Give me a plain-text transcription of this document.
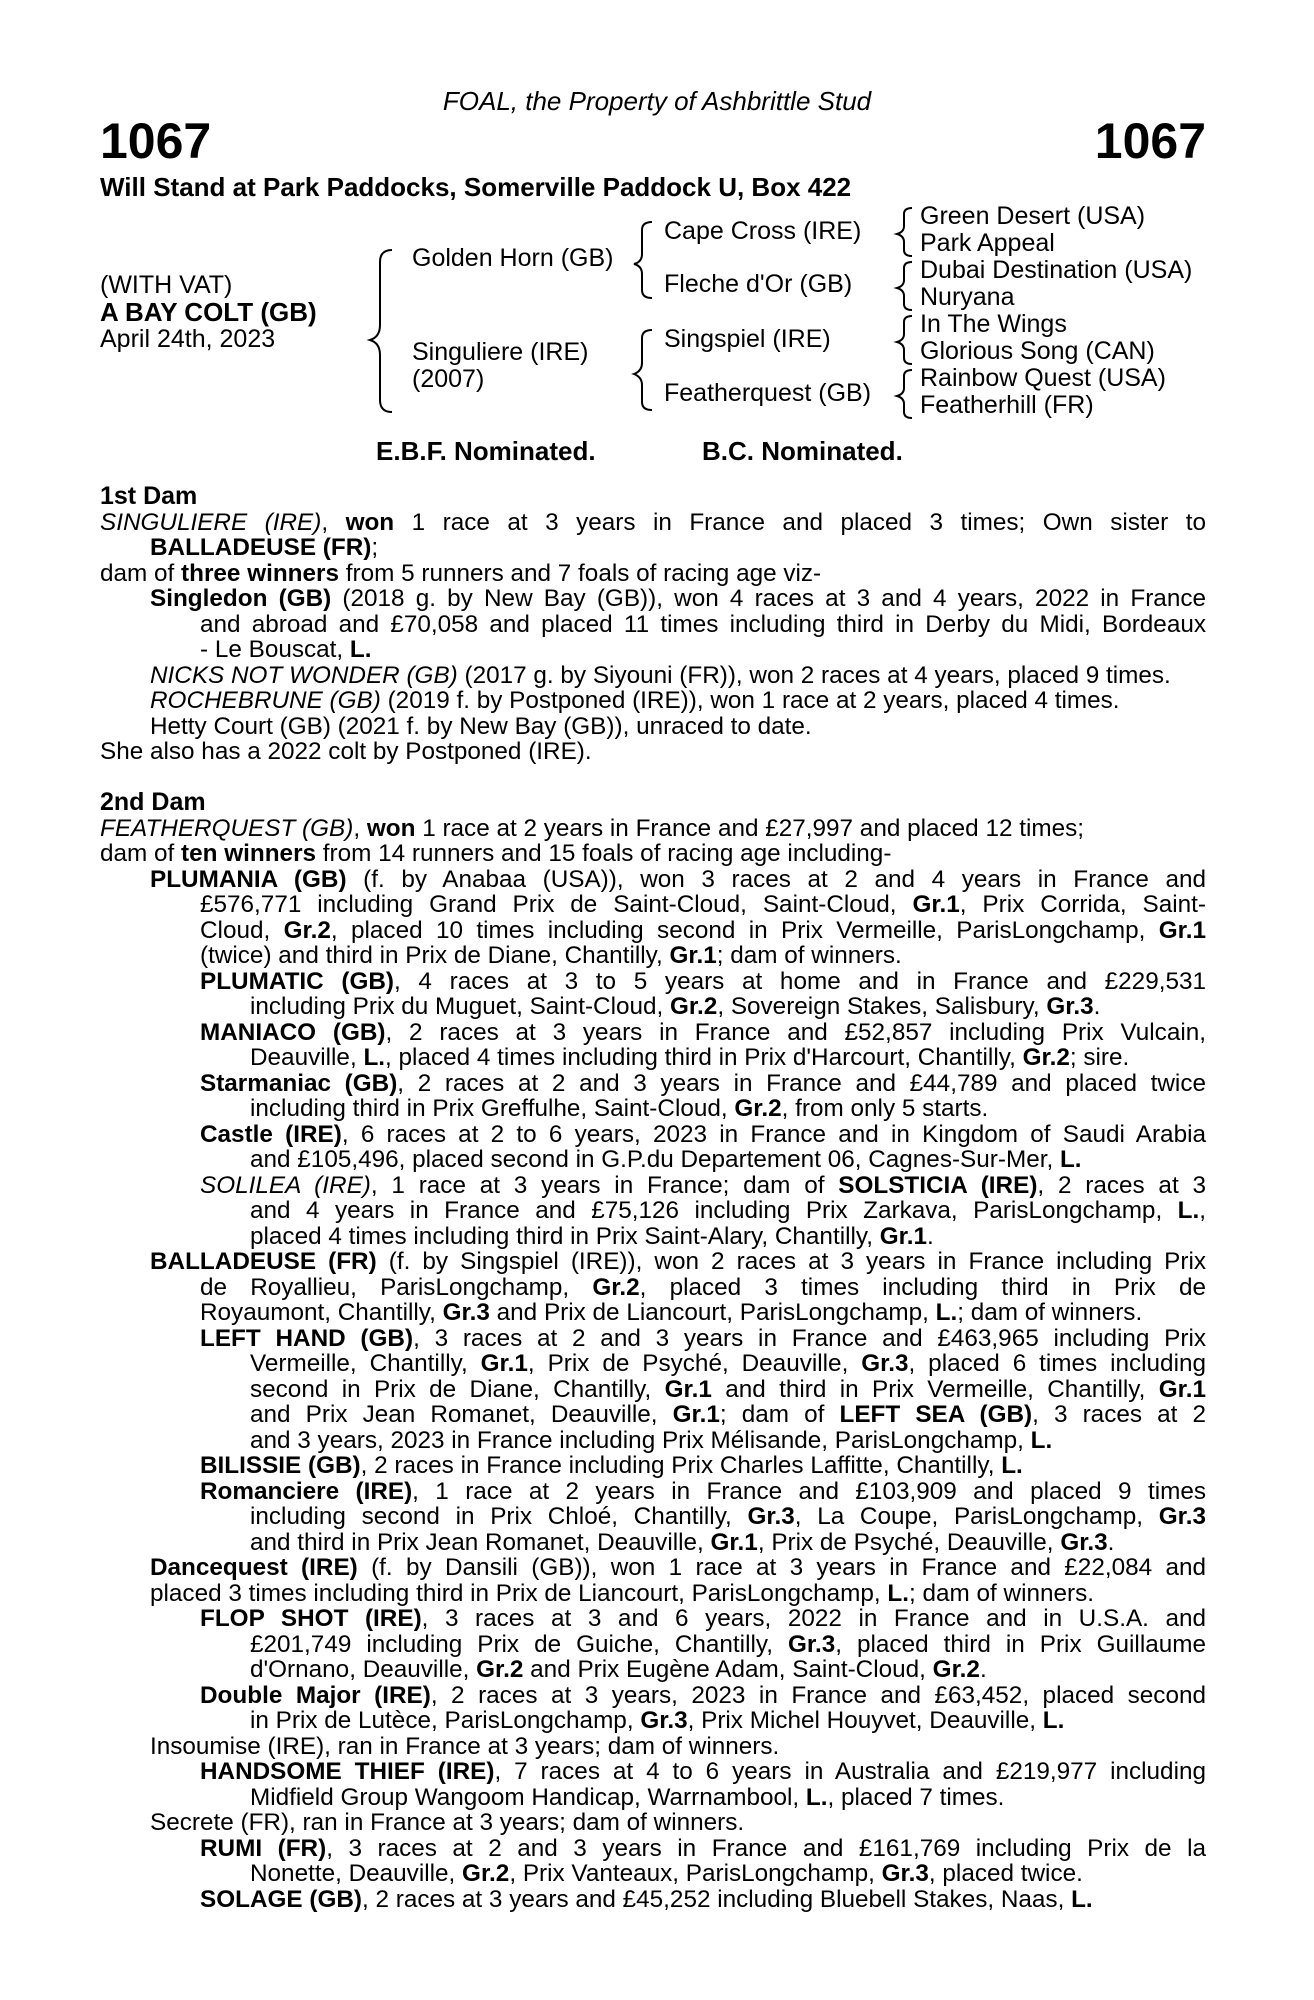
FOAL, the Property of Ashbrittle Stud
1067	1067
Will Stand at Park Paddocks, Somerville Paddock U, Box 422
(WITH VAT)
A BAY COLT (GB)
April 24th, 2023
Golden Horn (GB)
Singuliere (IRE)
(2007)
Cape Cross (IRE)
Fleche d'Or (GB)
Singspiel (IRE)
Featherquest (GB)
Green Desert (USA)
Park Appeal
Dubai Destination (USA)
Nuryana
In The Wings
Glorious Song (CAN)
Rainbow Quest (USA)
Featherhill (FR)
E.B.F. Nominated.	B.C. Nominated.
1st Dam
SINGULIERE (IRE), won 1 race at 3 years in France and placed 3 times; Own sister to
BALLADEUSE (FR);
dam of three winners from 5 runners and 7 foals of racing age viz-
Singledon (GB) (2018 g. by New Bay (GB)), won 4 races at 3 and 4 years, 2022 in France
and abroad and £70,058 and placed 11 times including third in Derby du Midi, Bordeaux
- Le Bouscat, L.
NICKS NOT WONDER (GB) (2017 g. by Siyouni (FR)), won 2 races at 4 years, placed 9 times.
ROCHEBRUNE (GB) (2019 f. by Postponed (IRE)), won 1 race at 2 years, placed 4 times.
Hetty Court (GB) (2021 f. by New Bay (GB)), unraced to date.
She also has a 2022 colt by Postponed (IRE).
2nd Dam
FEATHERQUEST (GB), won 1 race at 2 years in France and £27,997 and placed 12 times;
dam of ten winners from 14 runners and 15 foals of racing age including-
PLUMANIA (GB) (f. by Anabaa (USA)), won 3 races at 2 and 4 years in France and
£576,771 including Grand Prix de Saint-Cloud, Saint-Cloud, Gr.1, Prix Corrida, Saint-
Cloud, Gr.2, placed 10 times including second in Prix Vermeille, ParisLongchamp, Gr.1
(twice) and third in Prix de Diane, Chantilly, Gr.1; dam of winners.
PLUMATIC (GB), 4 races at 3 to 5 years at home and in France and £229,531
including Prix du Muguet, Saint-Cloud, Gr.2, Sovereign Stakes, Salisbury, Gr.3.
MANIACO (GB), 2 races at 3 years in France and £52,857 including Prix Vulcain,
Deauville, L., placed 4 times including third in Prix d'Harcourt, Chantilly, Gr.2; sire.
Starmaniac (GB), 2 races at 2 and 3 years in France and £44,789 and placed twice
including third in Prix Greffulhe, Saint-Cloud, Gr.2, from only 5 starts.
Castle (IRE), 6 races at 2 to 6 years, 2023 in France and in Kingdom of Saudi Arabia
and £105,496, placed second in G.P.du Departement 06, Cagnes-Sur-Mer, L.
SOLILEA (IRE), 1 race at 3 years in France; dam of SOLSTICIA (IRE), 2 races at 3
and 4 years in France and £75,126 including Prix Zarkava, ParisLongchamp, L.,
placed 4 times including third in Prix Saint-Alary, Chantilly, Gr.1.
BALLADEUSE (FR) (f. by Singspiel (IRE)), won 2 races at 3 years in France including Prix
de Royallieu, ParisLongchamp, Gr.2, placed 3 times including third in Prix de
Royaumont, Chantilly, Gr.3 and Prix de Liancourt, ParisLongchamp, L.; dam of winners.
LEFT HAND (GB), 3 races at 2 and 3 years in France and £463,965 including Prix
Vermeille, Chantilly, Gr.1, Prix de Psyché, Deauville, Gr.3, placed 6 times including
second in Prix de Diane, Chantilly, Gr.1 and third in Prix Vermeille, Chantilly, Gr.1
and Prix Jean Romanet, Deauville, Gr.1; dam of LEFT SEA (GB), 3 races at 2
and 3 years, 2023 in France including Prix Mélisande, ParisLongchamp, L.
BILISSIE (GB), 2 races in France including Prix Charles Laffitte, Chantilly, L.
Romanciere (IRE), 1 race at 2 years in France and £103,909 and placed 9 times
including second in Prix Chloé, Chantilly, Gr.3, La Coupe, ParisLongchamp, Gr.3
and third in Prix Jean Romanet, Deauville, Gr.1, Prix de Psyché, Deauville, Gr.3.
Dancequest (IRE) (f. by Dansili (GB)), won 1 race at 3 years in France and £22,084 and
placed 3 times including third in Prix de Liancourt, ParisLongchamp, L.; dam of winners.
FLOP SHOT (IRE), 3 races at 3 and 6 years, 2022 in France and in U.S.A. and
£201,749 including Prix de Guiche, Chantilly, Gr.3, placed third in Prix Guillaume
d'Ornano, Deauville, Gr.2 and Prix Eugène Adam, Saint-Cloud, Gr.2.
Double Major (IRE), 2 races at 3 years, 2023 in France and £63,452, placed second
in Prix de Lutèce, ParisLongchamp, Gr.3, Prix Michel Houyvet, Deauville, L.
Insoumise (IRE), ran in France at 3 years; dam of winners.
HANDSOME THIEF (IRE), 7 races at 4 to 6 years in Australia and £219,977 including
Midfield Group Wangoom Handicap, Warrnambool, L., placed 7 times.
Secrete (FR), ran in France at 3 years; dam of winners.
RUMI (FR), 3 races at 2 and 3 years in France and £161,769 including Prix de la
Nonette, Deauville, Gr.2, Prix Vanteaux, ParisLongchamp, Gr.3, placed twice.
SOLAGE (GB), 2 races at 3 years and £45,252 including Bluebell Stakes, Naas, L.
